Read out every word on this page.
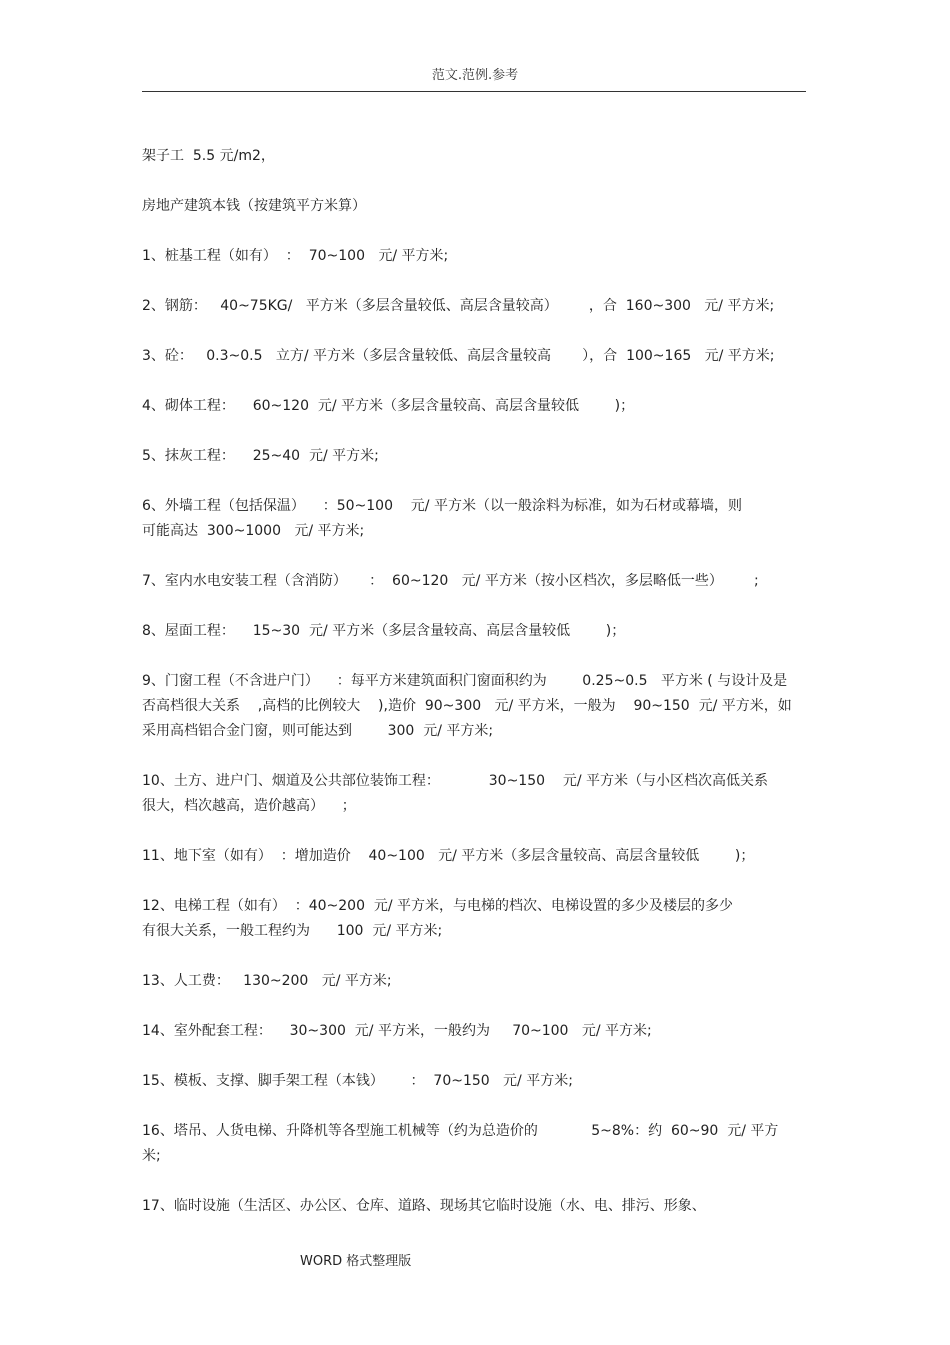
范文.范例.参考

架子工  5.5 元/m2，

房地产建筑本钱（按建筑平方米算）

1、桩基工程（如有）  ：  70~100   元/ 平方米;

2、钢筋：   40~75KG/   平方米（多层含量较低、高层含量较高）       ，合  160~300   元/ 平方米;

3、砼：   0.3~0.5   立方/ 平方米（多层含量较低、高层含量较高       ），合  100~165   元/ 平方米;

4、砌体工程：    60~120  元/ 平方米（多层含量较高、高层含量较低        )；

5、抹灰工程：    25~40  元/ 平方米;

6、外墙工程（包括保温）    ：50~100    元/ 平方米（以一般涂料为标准，如为石材或幕墙，则
可能高达  300~1000   元/ 平方米;

7、室内水电安装工程（含消防）     ：  60~120   元/ 平方米（按小区档次，多层略低一些）       ;

8、屋面工程：    15~30  元/ 平方米（多层含量较高、高层含量较低        )；

9、门窗工程（不含进户门）    ：每平方米建筑面积门窗面积约为        0.25~0.5   平方米 ( 与设计及是
否高档很大关系    ,高档的比例较大    ),造价  90~300   元/ 平方米，一般为    90~150  元/ 平方米，如
采用高档铝合金门窗，则可能达到        300  元/ 平方米;

10、土方、进户门、烟道及公共部位装饰工程：           30~150    元/ 平方米（与小区档次高低关系
很大，档次越高，造价越高）    ；

11、地下室（如有）  ：增加造价    40~100   元/ 平方米（多层含量较高、高层含量较低        )；

12、电梯工程（如有）  ：40~200  元/ 平方米，与电梯的档次、电梯设置的多少及楼层的多少
有很大关系，一般工程约为      100  元/ 平方米;

13、人工费：   130~200   元/ 平方米;

14、室外配套工程：    30~300  元/ 平方米，一般约为     70~100   元/ 平方米;

15、模板、支撑、脚手架工程（本钱）      ：  70~150   元/ 平方米;

16、塔吊、人货电梯、升降机等各型施工机械等（约为总造价的            5~8%：约  60~90  元/ 平方
米;

17、临时设施（生活区、办公区、仓库、道路、现场其它临时设施（水、电、排污、形象、

WORD 格式整理版
